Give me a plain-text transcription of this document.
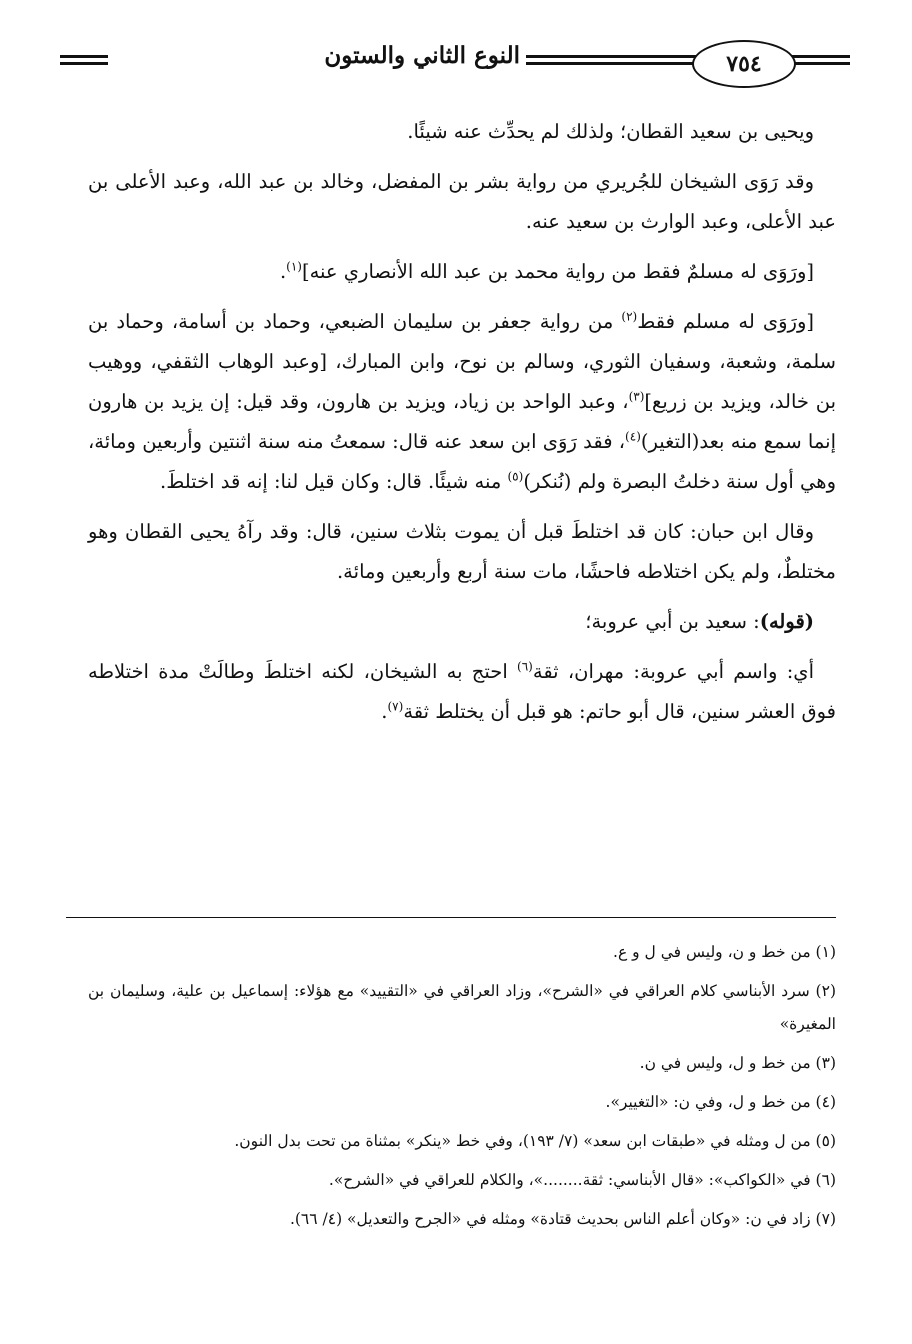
٧٥٤
النوع الثاني والستون

ويحيى بن سعيد القطان؛ ولذلك لم يحدِّث عنه شيئًا.

وقد رَوَى الشيخان للجُريري من رواية بشر بن المفضل، وخالد بن عبد الله، وعبد الأعلى بن عبد الأعلى، وعبد الوارث بن سعيد عنه.

[ورَوَى له مسلمٌ فقط من رواية محمد بن عبد الله الأنصاري عنه]$^{(١)}$.

[ورَوَى له مسلم فقط$^{(٢)}$ من رواية جعفر بن سليمان الضبعي، وحماد بن أسامة، وحماد بن سلمة، وشعبة، وسفيان الثوري، وسالم بن نوح، وابن المبارك، [وعبد الوهاب الثقفي، ووهيب بن خالد، ويزيد بن زريع]$^{(٣)}$، وعبد الواحد بن زياد، ويزيد بن هارون، وقد قيل: إن يزيد بن هارون إنما سمع منه بعد(التغير)$^{(٤)}$، فقد رَوَى ابن سعد عنه قال: سمعتُ منه سنة اثنتين وأربعين ومائة، وهي أول سنة دخلتُ البصرة ولم (نُنكر)$^{(٥)}$ منه شيئًا. قال: وكان قيل لنا: إنه قد اختلطَ.

وقال ابن حبان: كان قد اختلطَ قبل أن يموت بثلاث سنين، قال: وقد رآهُ يحيى القطان وهو مختلطٌ، ولم يكن اختلاطه فاحشًا، مات سنة أربع وأربعين ومائة.

(قوله): سعيد بن أبي عروبة؛

أي: واسم أبي عروبة: مهران، ثقة$^{(٦)}$ احتج به الشيخان، لكنه اختلطَ وطالَتْ مدة اختلاطه فوق العشر سنين، قال أبو حاتم: هو قبل أن يختلط ثقة$^{(٧)}$.

(١) من خط و ن، وليس في ل و ع.

(٢) سرد الأبناسي كلام العراقي في «الشرح»، وزاد العراقي في «التقييد» مع هؤلاء: إسماعيل بن علية، وسليمان بن المغيرة»

(٣) من خط و ل، وليس في ن.

(٤) من خط و ل، وفي ن: «التغيير».

(٥) من ل ومثله في «طبقات ابن سعد» (٧/ ١٩٣)، وفي خط «ينكر» بمثناة من تحت بدل النون.

(٦) في «الكواكب»: «قال الأبناسي: ثقة........»، والكلام للعراقي في «الشرح».

(٧) زاد في ن: «وكان أعلم الناس بحديث قتادة» ومثله في «الجرح والتعديل» (٤/ ٦٦).
